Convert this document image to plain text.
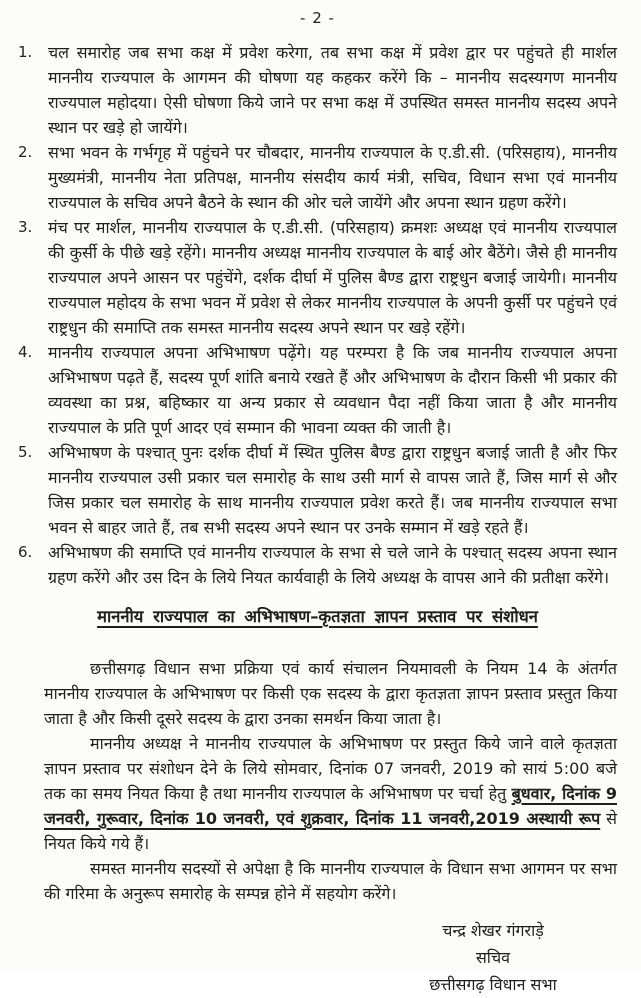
- 2 -
1. चल समारोह जब सभा कक्ष में प्रवेश करेगा, तब सभा कक्ष में प्रवेश द्वार पर पहुंचते ही मार्शल माननीय राज्यपाल के आगमन की घोषणा यह कहकर करेंगे कि – माननीय सदस्यगण माननीय राज्यपाल महोदया। ऐसी घोषणा किये जाने पर सभा कक्ष में उपस्थित समस्त माननीय सदस्य अपने स्थान पर खड़े हो जायेंगे।
2. सभा भवन के गर्भगृह में पहुंचने पर चौबदार, माननीय राज्यपाल के ए.डी.सी. (परिसहाय), माननीय मुख्यमंत्री, माननीय नेता प्रतिपक्ष, माननीय संसदीय कार्य मंत्री, सचिव, विधान सभा एवं माननीय राज्यपाल के सचिव अपने बैठने के स्थान की ओर चले जायेंगे और अपना स्थान ग्रहण करेंगे।
3. मंच पर मार्शल, माननीय राज्यपाल के ए.डी.सी. (परिसहाय) क्रमशः अध्यक्ष एवं माननीय राज्यपाल की कुर्सी के पीछे खड़े रहेंगे। माननीय अध्यक्ष माननीय राज्यपाल के बाई ओर बैठेंगे। जैसे ही माननीय राज्यपाल अपने आसन पर पहुंचेंगे, दर्शक दीर्घा में पुलिस बैण्ड द्वारा राष्ट्रधुन बजाई जायेगी। माननीय राज्यपाल महोदय के सभा भवन में प्रवेश से लेकर माननीय राज्यपाल के अपनी कुर्सी पर पहुंचने एवं राष्ट्रधुन की समाप्ति तक समस्त माननीय सदस्य अपने स्थान पर खड़े रहेंगे।
4. माननीय राज्यपाल अपना अभिभाषण पढ़ेंगे। यह परम्परा है कि जब माननीय राज्यपाल अपना अभिभाषण पढ़ते हैं, सदस्य पूर्ण शांति बनाये रखते हैं और अभिभाषण के दौरान किसी भी प्रकार की व्यवस्था का प्रश्न, बहिष्कार या अन्य प्रकार से व्यवधान पैदा नहीं किया जाता है और माननीय राज्यपाल के प्रति पूर्ण आदर एवं सम्मान की भावना व्यक्त की जाती है।
5. अभिभाषण के पश्चात् पुनः दर्शक दीर्घा में स्थित पुलिस बैण्ड द्वारा राष्ट्रधुन बजाई जाती है और फिर माननीय राज्यपाल उसी प्रकार चल समारोह के साथ उसी मार्ग से वापस जाते हैं, जिस मार्ग से और जिस प्रकार चल समारोह के साथ माननीय राज्यपाल प्रवेश करते हैं। जब माननीय राज्यपाल सभा भवन से बाहर जाते हैं, तब सभी सदस्य अपने स्थान पर उनके सम्मान में खड़े रहते हैं।
6. अभिभाषण की समाप्ति एवं माननीय राज्यपाल के सभा से चले जाने के पश्चात् सदस्य अपना स्थान ग्रहण करेंगे और उस दिन के लिये नियत कार्यवाही के लिये अध्यक्ष के वापस आने की प्रतीक्षा करेंगे।
माननीय राज्यपाल का अभिभाषण–कृतज्ञता ज्ञापन प्रस्ताव पर संशोधन

छत्तीसगढ़ विधान सभा प्रक्रिया एवं कार्य संचालन नियमावली के नियम 14 के अंतर्गत माननीय राज्यपाल के अभिभाषण पर किसी एक सदस्य के द्वारा कृतज्ञता ज्ञापन प्रस्ताव प्रस्तुत किया जाता है और किसी दूसरे सदस्य के द्वारा उनका समर्थन किया जाता है।

माननीय अध्यक्ष ने माननीय राज्यपाल के अभिभाषण पर प्रस्तुत किये जाने वाले कृतज्ञता ज्ञापन प्रस्ताव पर संशोधन देने के लिये सोमवार, दिनांक 07 जनवरी, 2019 को सायं 5:00 बजे तक का समय नियत किया है तथा माननीय राज्यपाल के अभिभाषण पर चर्चा हेतु बुधवार, दिनांक 9 जनवरी, गुरूवार, दिनांक 10 जनवरी, एवं शुक्रवार, दिनांक 11 जनवरी,2019 अस्थायी रूप से नियत किये गये हैं।

समस्त माननीय सदस्यों से अपेक्षा है कि माननीय राज्यपाल के विधान सभा आगमन पर सभा की गरिमा के अनुरूप समारोह के सम्पन्न होने में सहयोग करेंगे।

चन्द्र शेखर गंगराड़े
सचिव
छत्तीसगढ़ विधान सभा
